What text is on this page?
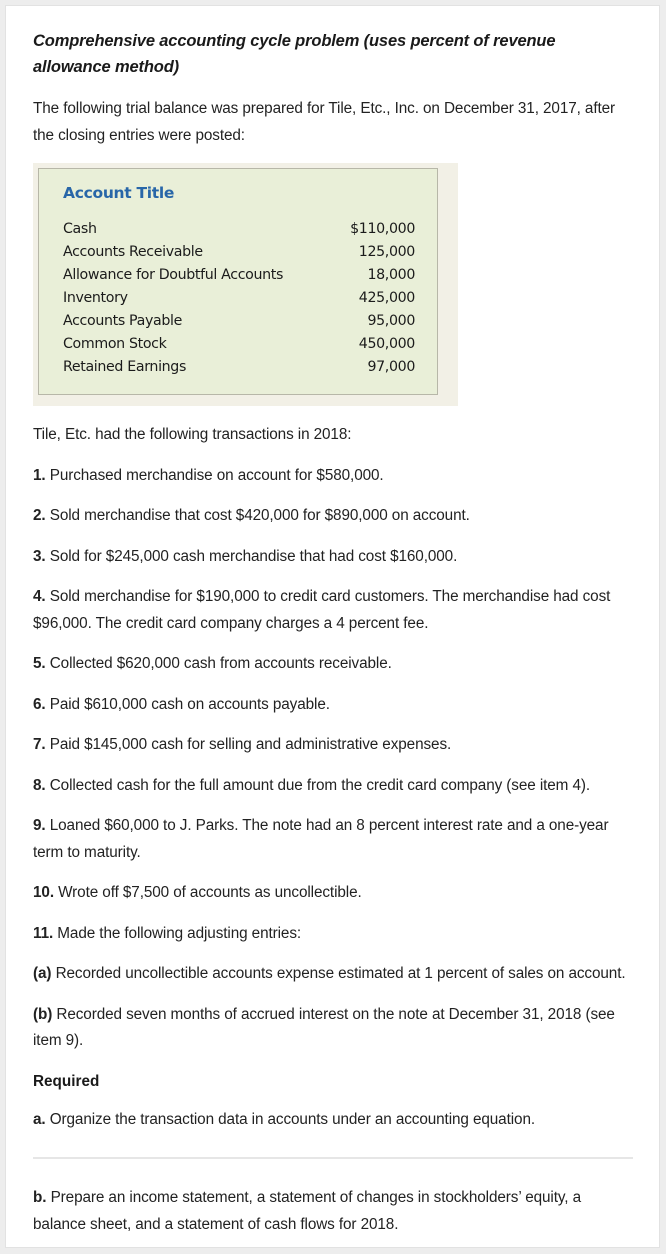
Comprehensive accounting cycle problem (uses percent of revenue allowance method)

The following trial balance was prepared for Tile, Etc., Inc. on December 31, 2017, after the closing entries were posted:

Account Title
Cash	$110,000
Accounts Receivable	125,000
Allowance for Doubtful Accounts	18,000
Inventory	425,000
Accounts Payable	95,000
Common Stock	450,000
Retained Earnings	97,000

Tile, Etc. had the following transactions in 2018:

1. Purchased merchandise on account for $580,000.

2. Sold merchandise that cost $420,000 for $890,000 on account.

3. Sold for $245,000 cash merchandise that had cost $160,000.

4. Sold merchandise for $190,000 to credit card customers. The merchandise had cost $96,000. The credit card company charges a 4 percent fee.

5. Collected $620,000 cash from accounts receivable.

6. Paid $610,000 cash on accounts payable.

7. Paid $145,000 cash for selling and administrative expenses.

8. Collected cash for the full amount due from the credit card company (see item 4).

9. Loaned $60,000 to J. Parks. The note had an 8 percent interest rate and a one-year term to maturity.

10. Wrote off $7,500 of accounts as uncollectible.

11. Made the following adjusting entries:

(a) Recorded uncollectible accounts expense estimated at 1 percent of sales on account.

(b) Recorded seven months of accrued interest on the note at December 31, 2018 (see item 9).

Required

a. Organize the transaction data in accounts under an accounting equation.

b. Prepare an income statement, a statement of changes in stockholders’ equity, a balance sheet, and a statement of cash flows for 2018.
